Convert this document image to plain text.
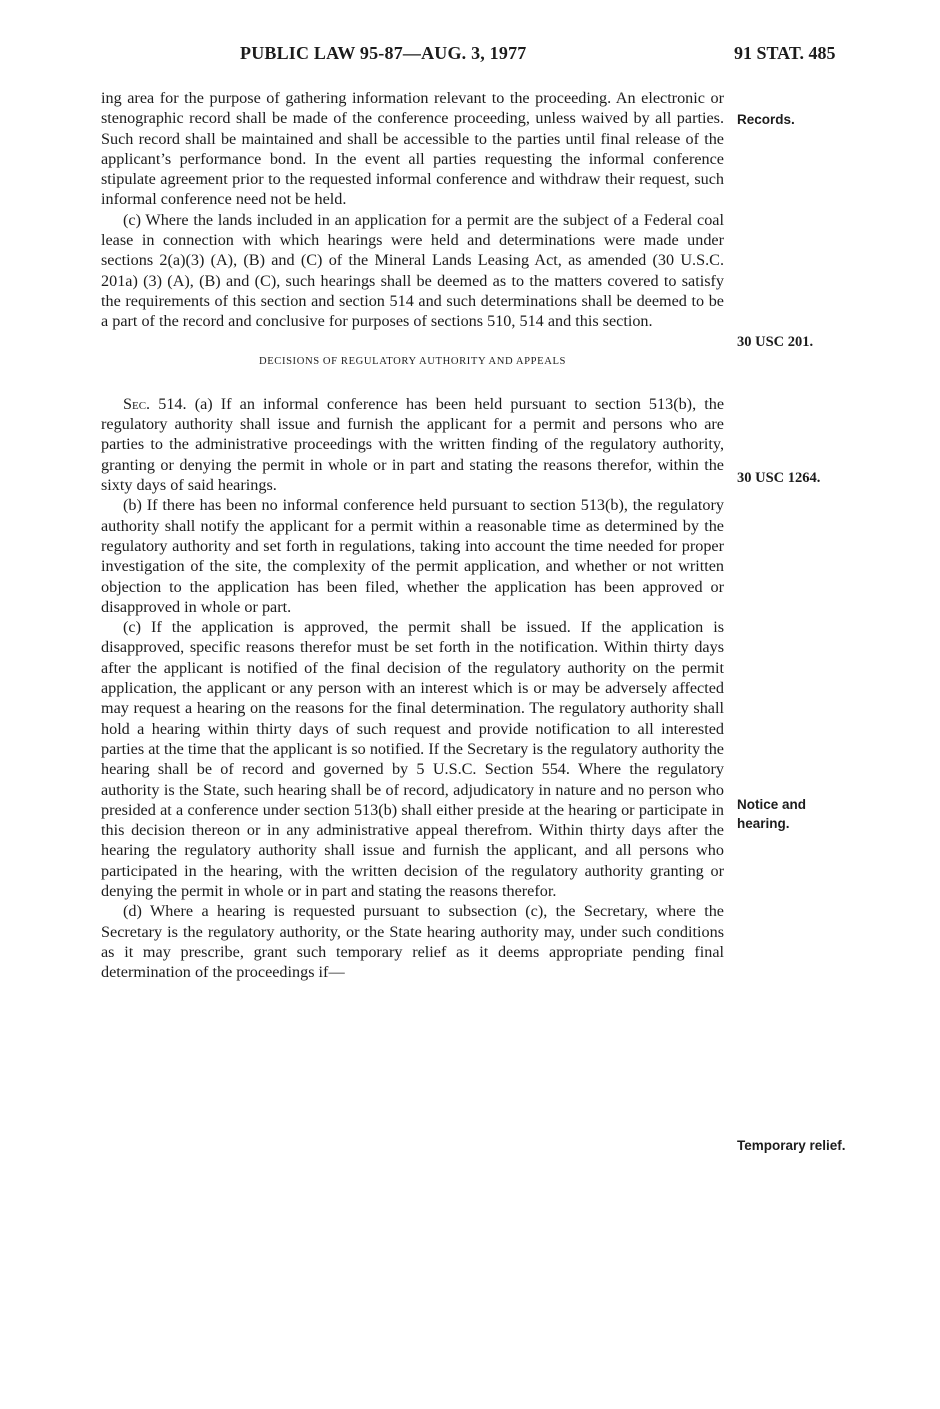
PUBLIC LAW 95-87—AUG. 3, 1977	91 STAT. 485

ing area for the purpose of gathering information relevant to the proceeding. An electronic or stenographic record shall be made of the conference proceeding, unless waived by all parties. Such record shall be maintained and shall be accessible to the parties until final release of the applicant’s performance bond. In the event all parties requesting the informal conference stipulate agreement prior to the requested informal conference and withdraw their request, such informal conference need not be held.

(c) Where the lands included in an application for a permit are the subject of a Federal coal lease in connection with which hearings were held and determinations were made under sections 2(a)(3) (A), (B) and (C) of the Mineral Lands Leasing Act, as amended (30 U.S.C. 201a) (3) (A), (B) and (C), such hearings shall be deemed as to the matters covered to satisfy the requirements of this section and section 514 and such determinations shall be deemed to be a part of the record and conclusive for purposes of sections 510, 514 and this section.

DECISIONS OF REGULATORY AUTHORITY AND APPEALS

Sec. 514. (a) If an informal conference has been held pursuant to section 513(b), the regulatory authority shall issue and furnish the applicant for a permit and persons who are parties to the administrative proceedings with the written finding of the regulatory authority, granting or denying the permit in whole or in part and stating the reasons therefor, within the sixty days of said hearings.

(b) If there has been no informal conference held pursuant to section 513(b), the regulatory authority shall notify the applicant for a permit within a reasonable time as determined by the regulatory authority and set forth in regulations, taking into account the time needed for proper investigation of the site, the complexity of the permit application, and whether or not written objection to the application has been filed, whether the application has been approved or disapproved in whole or part.

(c) If the application is approved, the permit shall be issued. If the application is disapproved, specific reasons therefor must be set forth in the notification. Within thirty days after the applicant is notified of the final decision of the regulatory authority on the permit application, the applicant or any person with an interest which is or may be adversely affected may request a hearing on the reasons for the final determination. The regulatory authority shall hold a hearing within thirty days of such request and provide notification to all interested parties at the time that the applicant is so notified. If the Secretary is the regulatory authority the hearing shall be of record and governed by 5 U.S.C. Section 554. Where the regulatory authority is the State, such hearing shall be of record, adjudicatory in nature and no person who presided at a conference under section 513(b) shall either preside at the hearing or participate in this decision thereon or in any administrative appeal therefrom. Within thirty days after the hearing the regulatory authority shall issue and furnish the applicant, and all persons who participated in the hearing, with the written decision of the regulatory authority granting or denying the permit in whole or in part and stating the reasons therefor.

(d) Where a hearing is requested pursuant to subsection (c), the Secretary, where the Secretary is the regulatory authority, or the State hearing authority may, under such conditions as it may prescribe, grant such temporary relief as it deems appropriate pending final determination of the proceedings if—

Records.
30 USC 201.
30 USC 1264.
Notice and
hearing.
Temporary relief.
